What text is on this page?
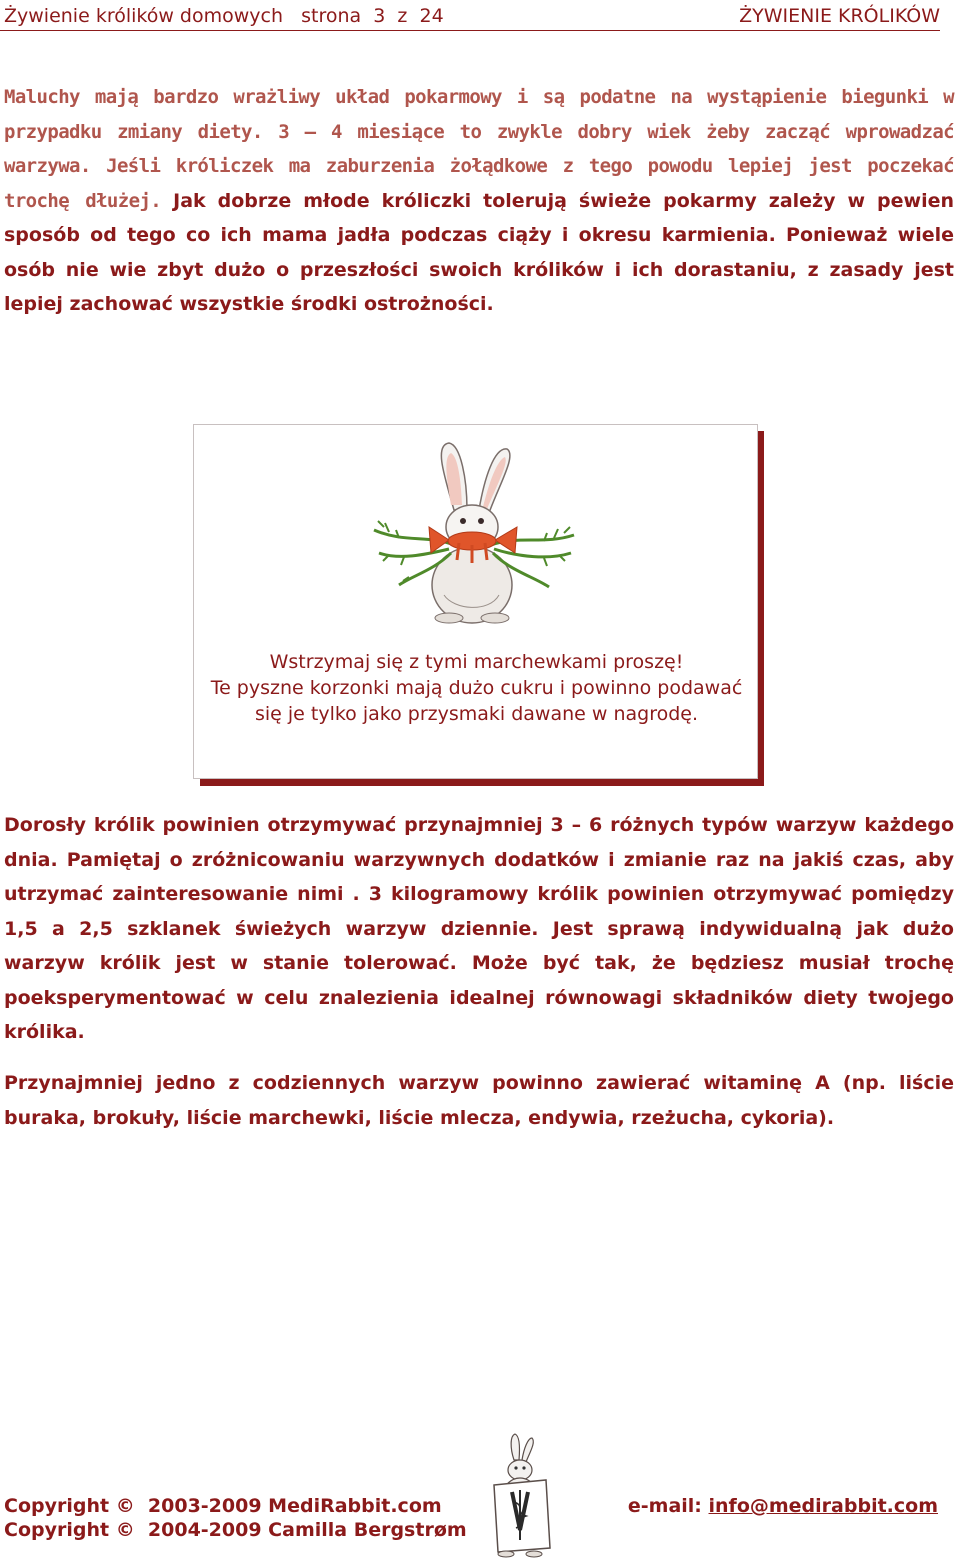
Żywienie królików domowych   strona  3  z  24	ŻYWIENIE KRÓLIKÓW
Maluchy mają bardzo wrażliwy układ pokarmowy i są podatne na wystąpienie biegunki w przypadku zmiany diety. 3 – 4 miesiące to zwykle dobry wiek żeby zacząć wprowadzać warzywa. Jeśli króliczek ma zaburzenia żołądkowe z tego powodu lepiej jest poczekać trochę dłużej. Jak dobrze młode króliczki tolerują świeże pokarmy zależy w pewien sposób od tego co ich mama jadła podczas ciąży i okresu karmienia. Ponieważ wiele osób nie wie zbyt dużo o przeszłości swoich królików i ich dorastaniu, z zasady jest lepiej zachować wszystkie środki ostrożności.
Wstrzymaj się z tymi marchewkami proszę!
Te pyszne korzonki mają dużo cukru i powinno podawać się je tylko jako przysmaki dawane w nagrodę.
Dorosły królik powinien otrzymywać przynajmniej 3 – 6 różnych typów warzyw każdego dnia. Pamiętaj o zróżnicowaniu warzywnych dodatków i zmianie raz na jakiś czas, aby utrzymać zainteresowanie nimi . 3 kilogramowy królik powinien otrzymywać pomiędzy 1,5 a 2,5 szklanek świeżych warzyw dziennie. Jest sprawą indywidualną jak dużo warzyw królik jest w stanie tolerować. Może być tak, że będziesz musiał trochę poeksperymentować w celu znalezienia idealnej równowagi składników diety twojego królika.
Przynajmniej jedno z codziennych warzyw powinno zawierać witaminę A (np. liście buraka, brokuły, liście marchewki, liście mlecza, endywia, rzeżucha, cykoria).
Copyright ©  2003-2009 MediRabbit.com
Copyright ©  2004-2009 Camilla Bergstrøm
e-mail: info@medirabbit.com
